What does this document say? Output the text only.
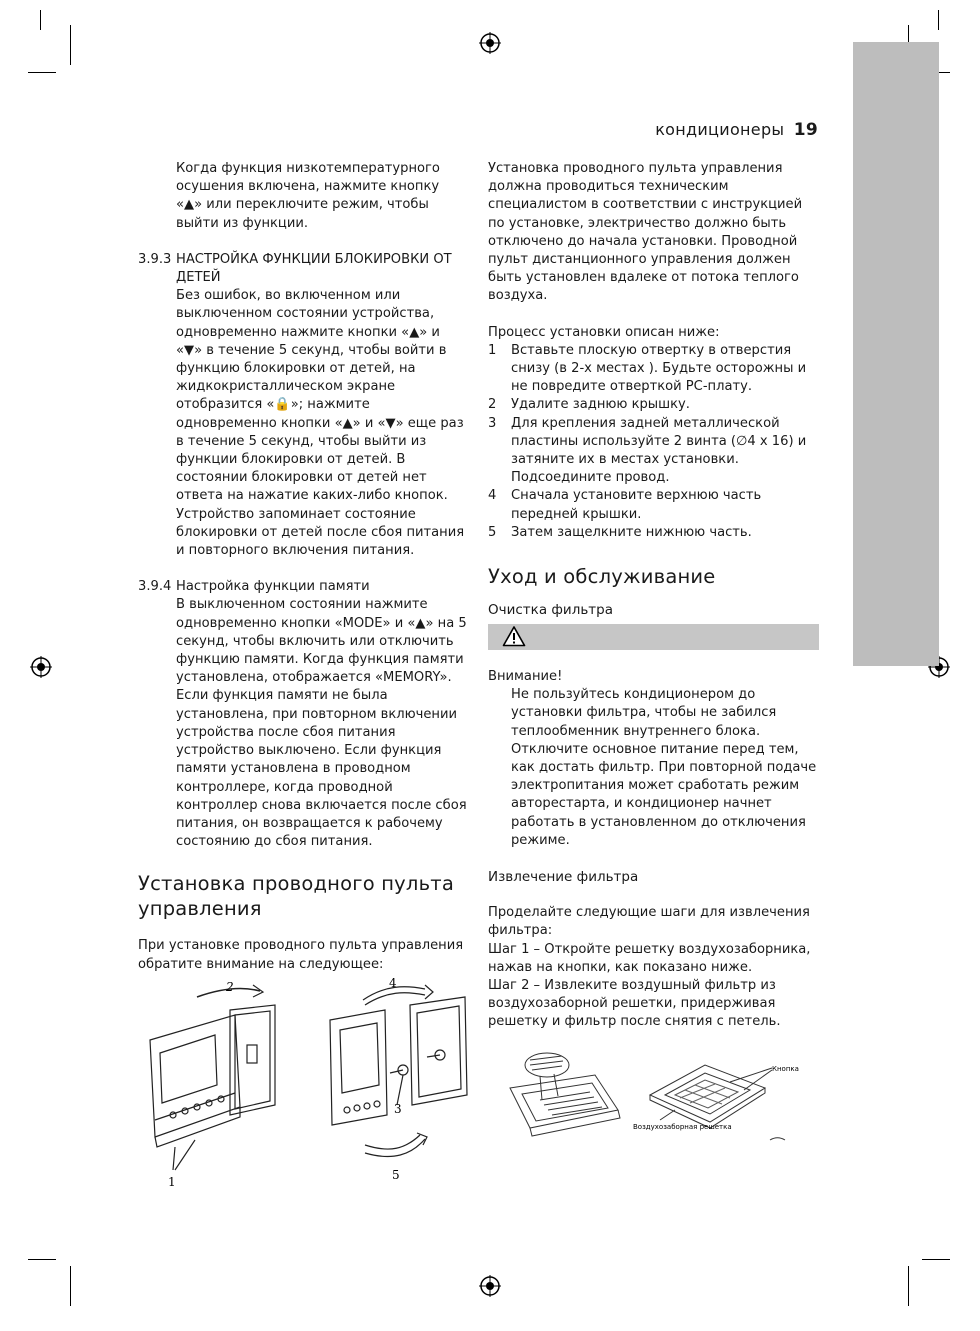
кондиционеры 19

Когда функция низкотемпературного осушения включена, нажмите кнопку «▲» или переключите режим, чтобы выйти из функции.

3.9.3 НАСТРОЙКА ФУНКЦИИ БЛОКИРОВКИ ОТ ДЕТЕЙ

Без ошибок, во включенном или выключенном состоянии устройства, одновременно нажмите кнопки «▲» и «▼» в течение 5 секунд, чтобы войти в функцию блокировки от детей, на жидкокристаллическом экране отобразится «🔒»; нажмите одновременно кнопки «▲» и «▼» еще раз в течение 5 секунд, чтобы выйти из функции блокировки от детей. В состоянии блокировки от детей нет ответа на нажатие каких-либо кнопок. Устройство запоминает состояние блокировки от детей после сбоя питания и повторного включения питания.

3.9.4 Настройка функции памяти

В выключенном состоянии нажмите одновременно кнопки «MODE» и «▲» на 5 секунд, чтобы включить или отключить функцию памяти. Когда функция памяти установлена, отображается «MEMORY».

Если функция памяти не была установлена, при повторном включении устройства после сбоя питания устройство выключено. Если функция памяти установлена в проводном контроллере, когда проводной контроллер снова включается после сбоя питания, он возвращается к рабочему состоянию до сбоя питания.

Установка проводного пульта управления

При установке проводного пульта управления обратите внимание на следующее:

2
1
4
3
5

Установка проводного пульта управления должна проводиться техническим специалистом в соответствии с инструкцией по установке, электричество должно быть отключено до начала установки. Проводной пульт дистанционного управления должен быть установлен вдалеке от потока теплого воздуха.

Процесс установки описан ниже:

1	Вставьте плоскую отвертку в отверстия снизу (в 2-х местах ). Будьте осторожны и не повредите отверткой РС-плату.
2	Удалите заднюю крышку.
3	Для крепления задней металлической пластины используйте 2 винта (∅4 x 16) и затяните их в местах установки. Подсоедините провод.
4	Сначала установите верхнюю часть передней крышки.
5	Затем защелкните нижнюю часть.

Уход и обслуживание

Очистка фильтра

Внимание!

Не пользуйтесь кондиционером до установки фильтра, чтобы не забился теплообменник внутреннего блока.

Отключите основное питание перед тем, как достать фильтр. При повторной подаче электропитания может сработать режим авторестарта, и кондиционер начнет работать в установленном до отключения режиме.

Извлечение фильтра

Проделайте следующие шаги для извлечения фильтра:

Шаг 1 – Откройте решетку воздухозаборника, нажав на кнопки, как показано ниже.

Шаг 2 – Извлеките воздушный фильтр из воздухозаборной решетки, придерживая решетку и фильтр после снятия с петель.

Кнопка
Воздухозаборная решетка
